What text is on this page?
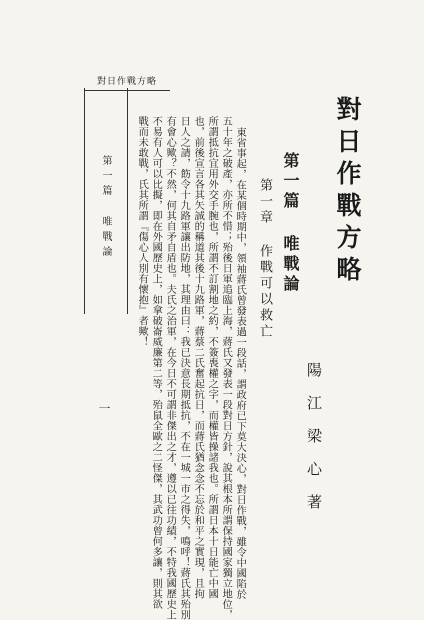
對日作戰方略
對日作戰方略
陽江梁心著
第一篇 唯戰論
第一章 作戰可以救亡
東省事起，在某個時期中，領袖蔣氏曾發表過一段話，謂政府已下莫大決心，對日作戰，雖令中國陷於
五十年之破產，亦所不惜；殆後日軍追臨上海，蔣氏又發表一段對日方針，說其根本所謂保持國家獨立地位，
所謂抵抗宜用外交手腕也，所謂不訂割地之約，不簽喪權之字，而權皆操諸我也。所謂日本十日能亡中國
也，前後宣言各其矢誠的稱道其後十九路軍，蔣蔡二氏奮起抗日，而蔣氏猶念念不忘於和平之實現，且拘
日人之請，飭令十九路軍讓出防地，其理由曰：我已決意長期抵抗，不在一城一市之得失，鳴呼！蔣氏其殆別
有會心歟？不然，何其自矛自盾也。夫氏之治軍，在今日不可謂非傑出之才，遵以已往功績，不特我國歷史上
不易有人可以比擬，即在外國歷史上，如拿破崙威廉第二等，殆鼠全歐之二怪傑，其武功曾何多讓，則其欲
戰而未敢戰，氏其所謂『傷心人別有懷抱』者歟！
第一篇 唯戰論
一
